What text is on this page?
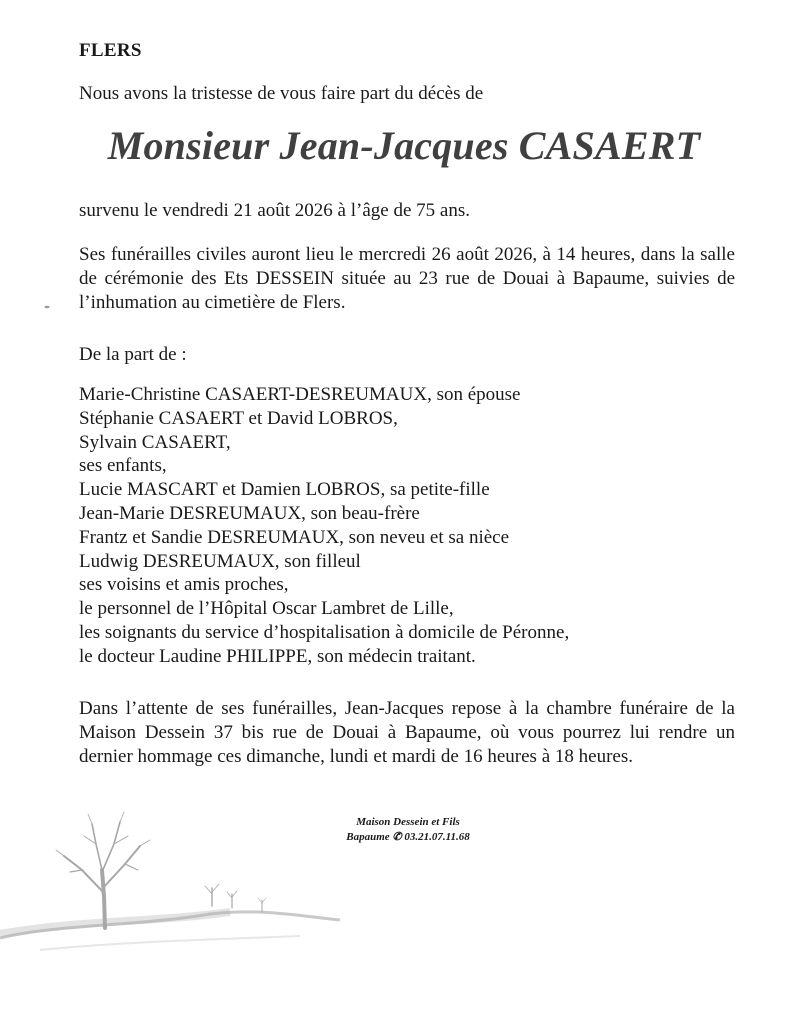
FLERS
Nous avons la tristesse de vous faire part du décès de
Monsieur Jean-Jacques CASAERT
survenu le vendredi 21 août 2026 à l’âge de 75 ans.
Ses funérailles civiles auront lieu le mercredi 26 août 2026, à 14 heures, dans la salle de cérémonie des Ets DESSEIN située au 23 rue de Douai à Bapaume, suivies de l’inhumation au cimetière de Flers.
De la part de :
Marie-Christine CASAERT-DESREUMAUX, son épouse
Stéphanie CASAERT et David LOBROS,
Sylvain CASAERT,
ses enfants,
Lucie MASCART et Damien LOBROS, sa petite-fille
Jean-Marie DESREUMAUX, son beau-frère
Frantz et Sandie DESREUMAUX, son neveu et sa nièce
Ludwig DESREUMAUX, son filleul
ses voisins et amis proches,
le personnel de l’Hôpital Oscar Lambret de Lille,
les soignants du service d’hospitalisation à domicile de Péronne,
le docteur Laudine PHILIPPE, son médecin traitant.
Dans l’attente de ses funérailles, Jean-Jacques repose à la chambre funéraire de la Maison Dessein 37 bis rue de Douai à Bapaume, où vous pourrez lui rendre un dernier hommage ces dimanche, lundi et mardi de 16 heures à 18 heures.
Maison Dessein et Fils
Bapaume ✆ 03.21.07.11.68
